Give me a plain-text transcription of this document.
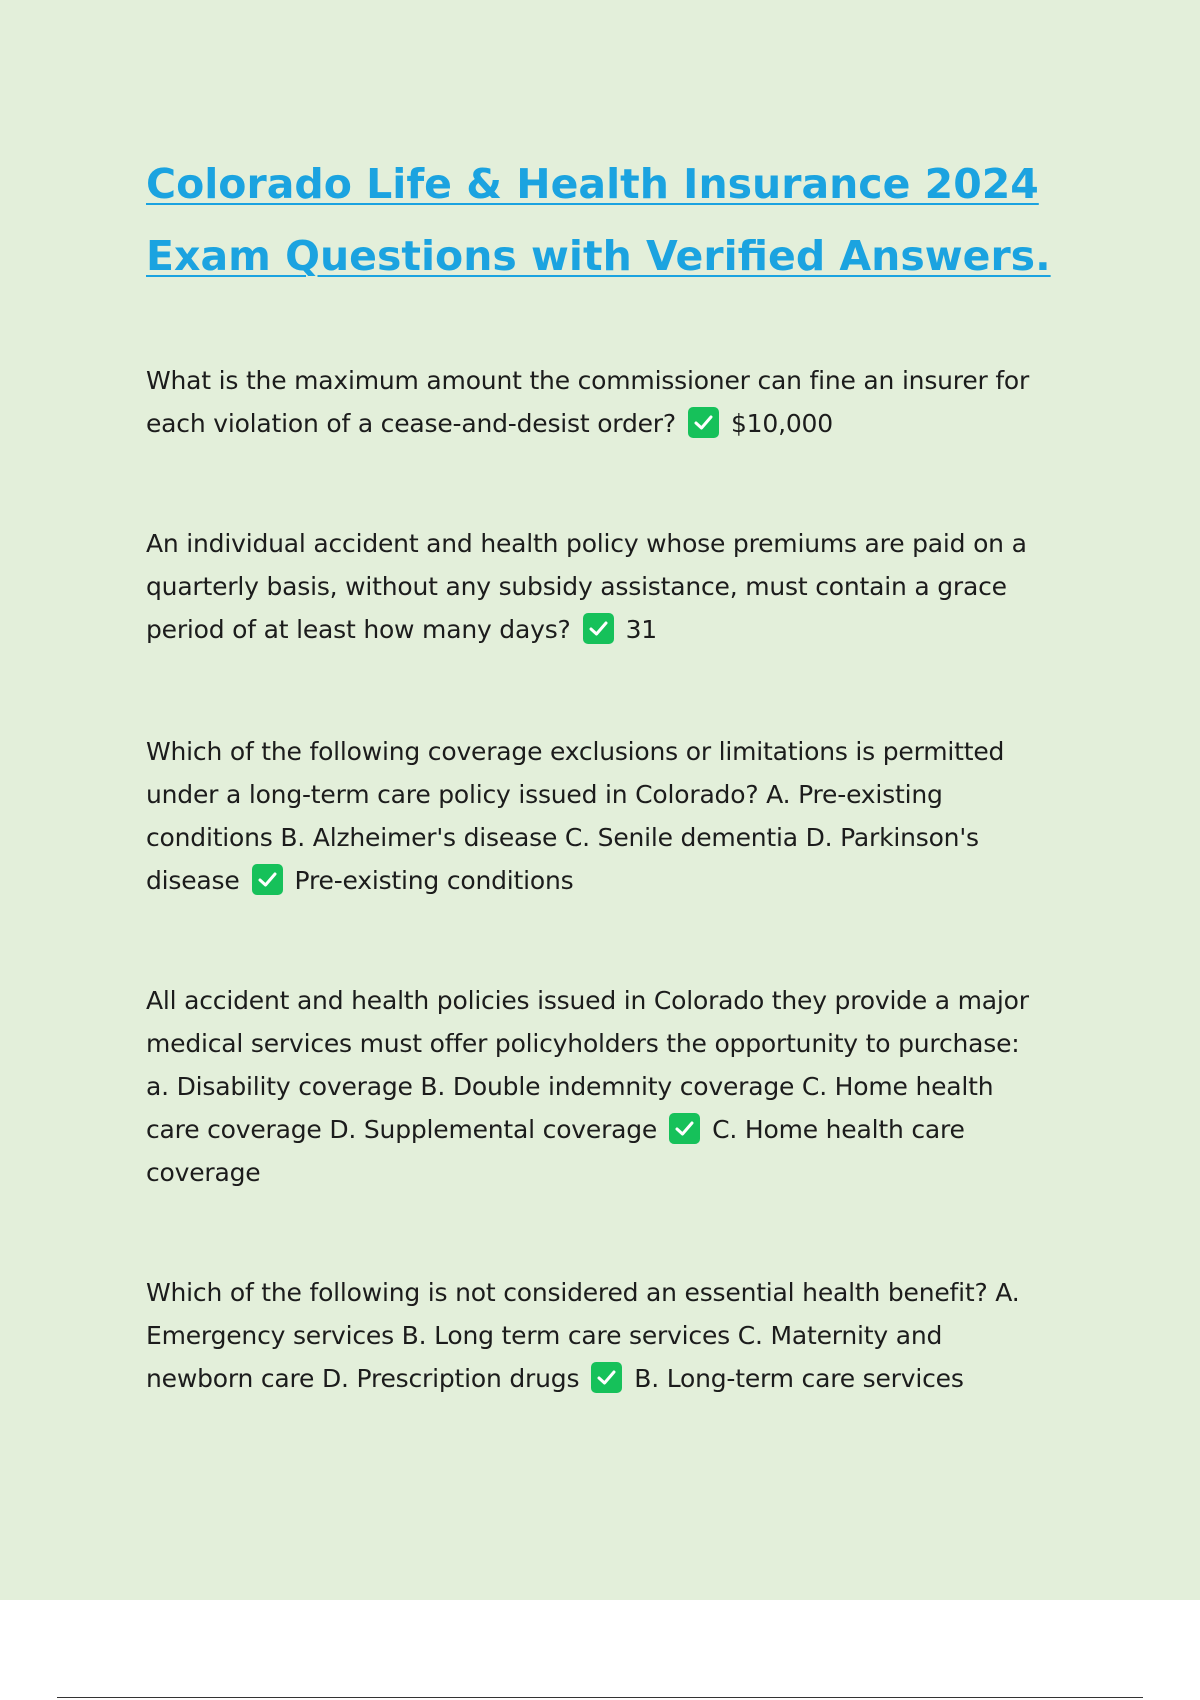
Colorado Life & Health Insurance 2024
Exam Questions with Verified Answers.
What is the maximum amount the commissioner can fine an insurer for
each violation of a cease-and-desist order? $10,000
An individual accident and health policy whose premiums are paid on a
quarterly basis, without any subsidy assistance, must contain a grace
period of at least how many days? 31
Which of the following coverage exclusions or limitations is permitted
under a long-term care policy issued in Colorado? A. Pre-existing
conditions B. Alzheimer's disease C. Senile dementia D. Parkinson's
disease Pre-existing conditions
All accident and health policies issued in Colorado they provide a major
medical services must offer policyholders the opportunity to purchase:
a. Disability coverage B. Double indemnity coverage C. Home health
care coverage D. Supplemental coverage C. Home health care
coverage
Which of the following is not considered an essential health benefit? A.
Emergency services B. Long term care services C. Maternity and
newborn care D. Prescription drugs B. Long-term care services
